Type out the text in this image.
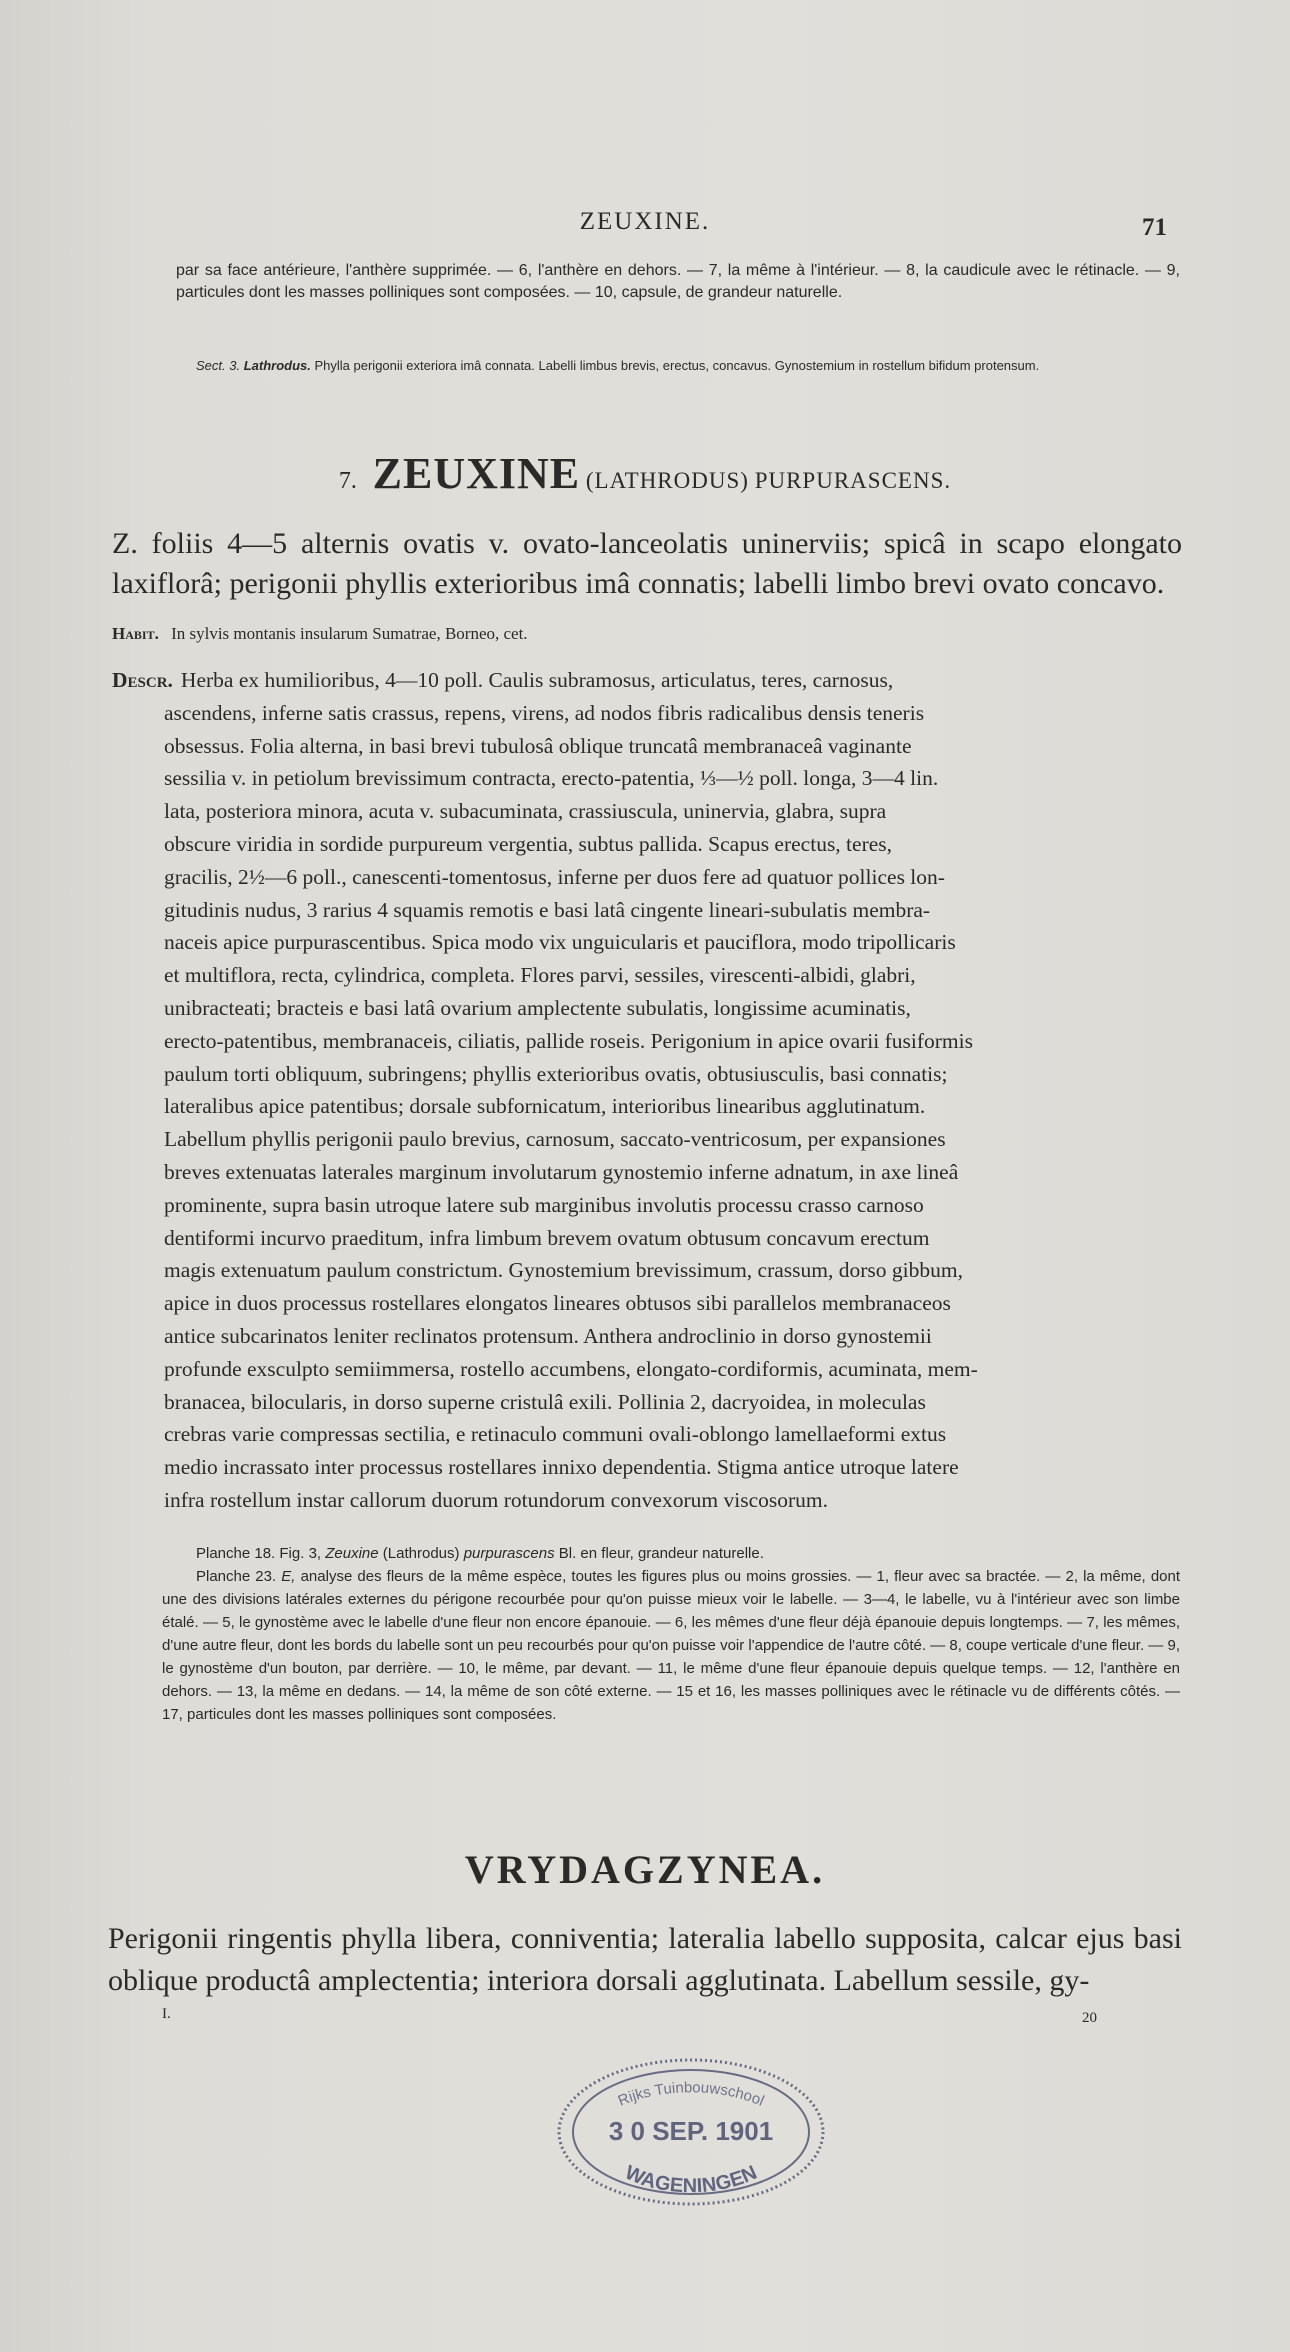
ZEUXINE.	71
par sa face antérieure, l'anthère supprimée. — 6, l'anthère en dehors. — 7, la même à l'intérieur. — 8, la caudicule avec le rétinacle. — 9, particules dont les masses polliniques sont composées. — 10, capsule, de grandeur naturelle.
Sect. 3. Lathrodus. Phylla perigonii exteriora imâ connata. Labelli limbus brevis, erectus, concavus. Gynostemium in rostellum bifidum protensum.
7. ZEUXINE (LATHRODUS) PURPURASCENS.
Z. foliis 4—5 alternis ovatis v. ovato-lanceolatis uninerviis; spicâ in scapo elongato laxiflorâ; perigonii phyllis exterioribus imâ connatis; labelli limbo brevi ovato concavo.
Habit. In sylvis montanis insularum Sumatrae, Borneo, cet.
Descr. Herba ex humilioribus, 4—10 poll. Caulis subramosus, articulatus, teres, carnosus,
ascendens, inferne satis crassus, repens, virens, ad nodos fibris radicalibus densis teneris
obsessus. Folia alterna, in basi brevi tubulosâ oblique truncatâ membranaceâ vaginante
sessilia v. in petiolum brevissimum contracta, erecto-patentia, ⅓—½ poll. longa, 3—4 lin.
lata, posteriora minora, acuta v. subacuminata, crassiuscula, uninervia, glabra, supra
obscure viridia in sordide purpureum vergentia, subtus pallida. Scapus erectus, teres,
gracilis, 2½—6 poll., canescenti-tomentosus, inferne per duos fere ad quatuor pollices lon-
gitudinis nudus, 3 rarius 4 squamis remotis e basi latâ cingente lineari-subulatis membra-
naceis apice purpurascentibus. Spica modo vix unguicularis et pauciflora, modo tripollicaris
et multiflora, recta, cylindrica, completa. Flores parvi, sessiles, virescenti-albidi, glabri,
unibracteati; bracteis e basi latâ ovarium amplectente subulatis, longissime acuminatis,
erecto-patentibus, membranaceis, ciliatis, pallide roseis. Perigonium in apice ovarii fusiformis
paulum torti obliquum, subringens; phyllis exterioribus ovatis, obtusiusculis, basi connatis;
lateralibus apice patentibus; dorsale subfornicatum, interioribus linearibus agglutinatum.
Labellum phyllis perigonii paulo brevius, carnosum, saccato-ventricosum, per expansiones
breves extenuatas laterales marginum involutarum gynostemio inferne adnatum, in axe lineâ
prominente, supra basin utroque latere sub marginibus involutis processu crasso carnoso
dentiformi incurvo praeditum, infra limbum brevem ovatum obtusum concavum erectum
magis extenuatum paulum constrictum. Gynostemium brevissimum, crassum, dorso gibbum,
apice in duos processus rostellares elongatos lineares obtusos sibi parallelos membranaceos
antice subcarinatos leniter reclinatos protensum. Anthera androclinio in dorso gynostemii
profunde exsculpto semiimmersa, rostello accumbens, elongato-cordiformis, acuminata, mem-
branacea, bilocularis, in dorso superne cristulâ exili. Pollinia 2, dacryoidea, in moleculas
crebras varie compressas sectilia, e retinaculo communi ovali-oblongo lamellaeformi extus
medio incrassato inter processus rostellares innixo dependentia. Stigma antice utroque latere
infra rostellum instar callorum duorum rotundorum convexorum viscosorum.

Planche 18. Fig. 3, Zeuxine (Lathrodus) purpurascens Bl. en fleur, grandeur naturelle.

Planche 23. E, analyse des fleurs de la même espèce, toutes les figures plus ou moins grossies. — 1, fleur avec sa bractée. — 2, la même, dont une des divisions latérales externes du périgone recourbée pour qu'on puisse mieux voir le labelle. — 3—4, le labelle, vu à l'intérieur avec son limbe étalé. — 5, le gynostème avec le labelle d'une fleur non encore épanouie. — 6, les mêmes d'une fleur déjà épanouie depuis longtemps. — 7, les mêmes, d'une autre fleur, dont les bords du labelle sont un peu recourbés pour qu'on puisse voir l'appendice de l'autre côté. — 8, coupe verticale d'une fleur. — 9, le gynostème d'un bouton, par derrière. — 10, le même, par devant. — 11, le même d'une fleur épanouie depuis quelque temps. — 12, l'anthère en dehors. — 13, la même en dedans. — 14, la même de son côté externe. — 15 et 16, les masses polliniques avec le rétinacle vu de différents côtés. — 17, particules dont les masses polliniques sont composées.

VRYDAGZYNEA.
Perigonii ringentis phylla libera, conniventia; lateralia labello supposita, calcar ejus basi oblique productâ amplectentia; interiora dorsali agglutinata. Labellum sessile, gy-
I.	20
Rijks Tuinbouwschool
3 0 SEP. 1901
WAGENINGEN
